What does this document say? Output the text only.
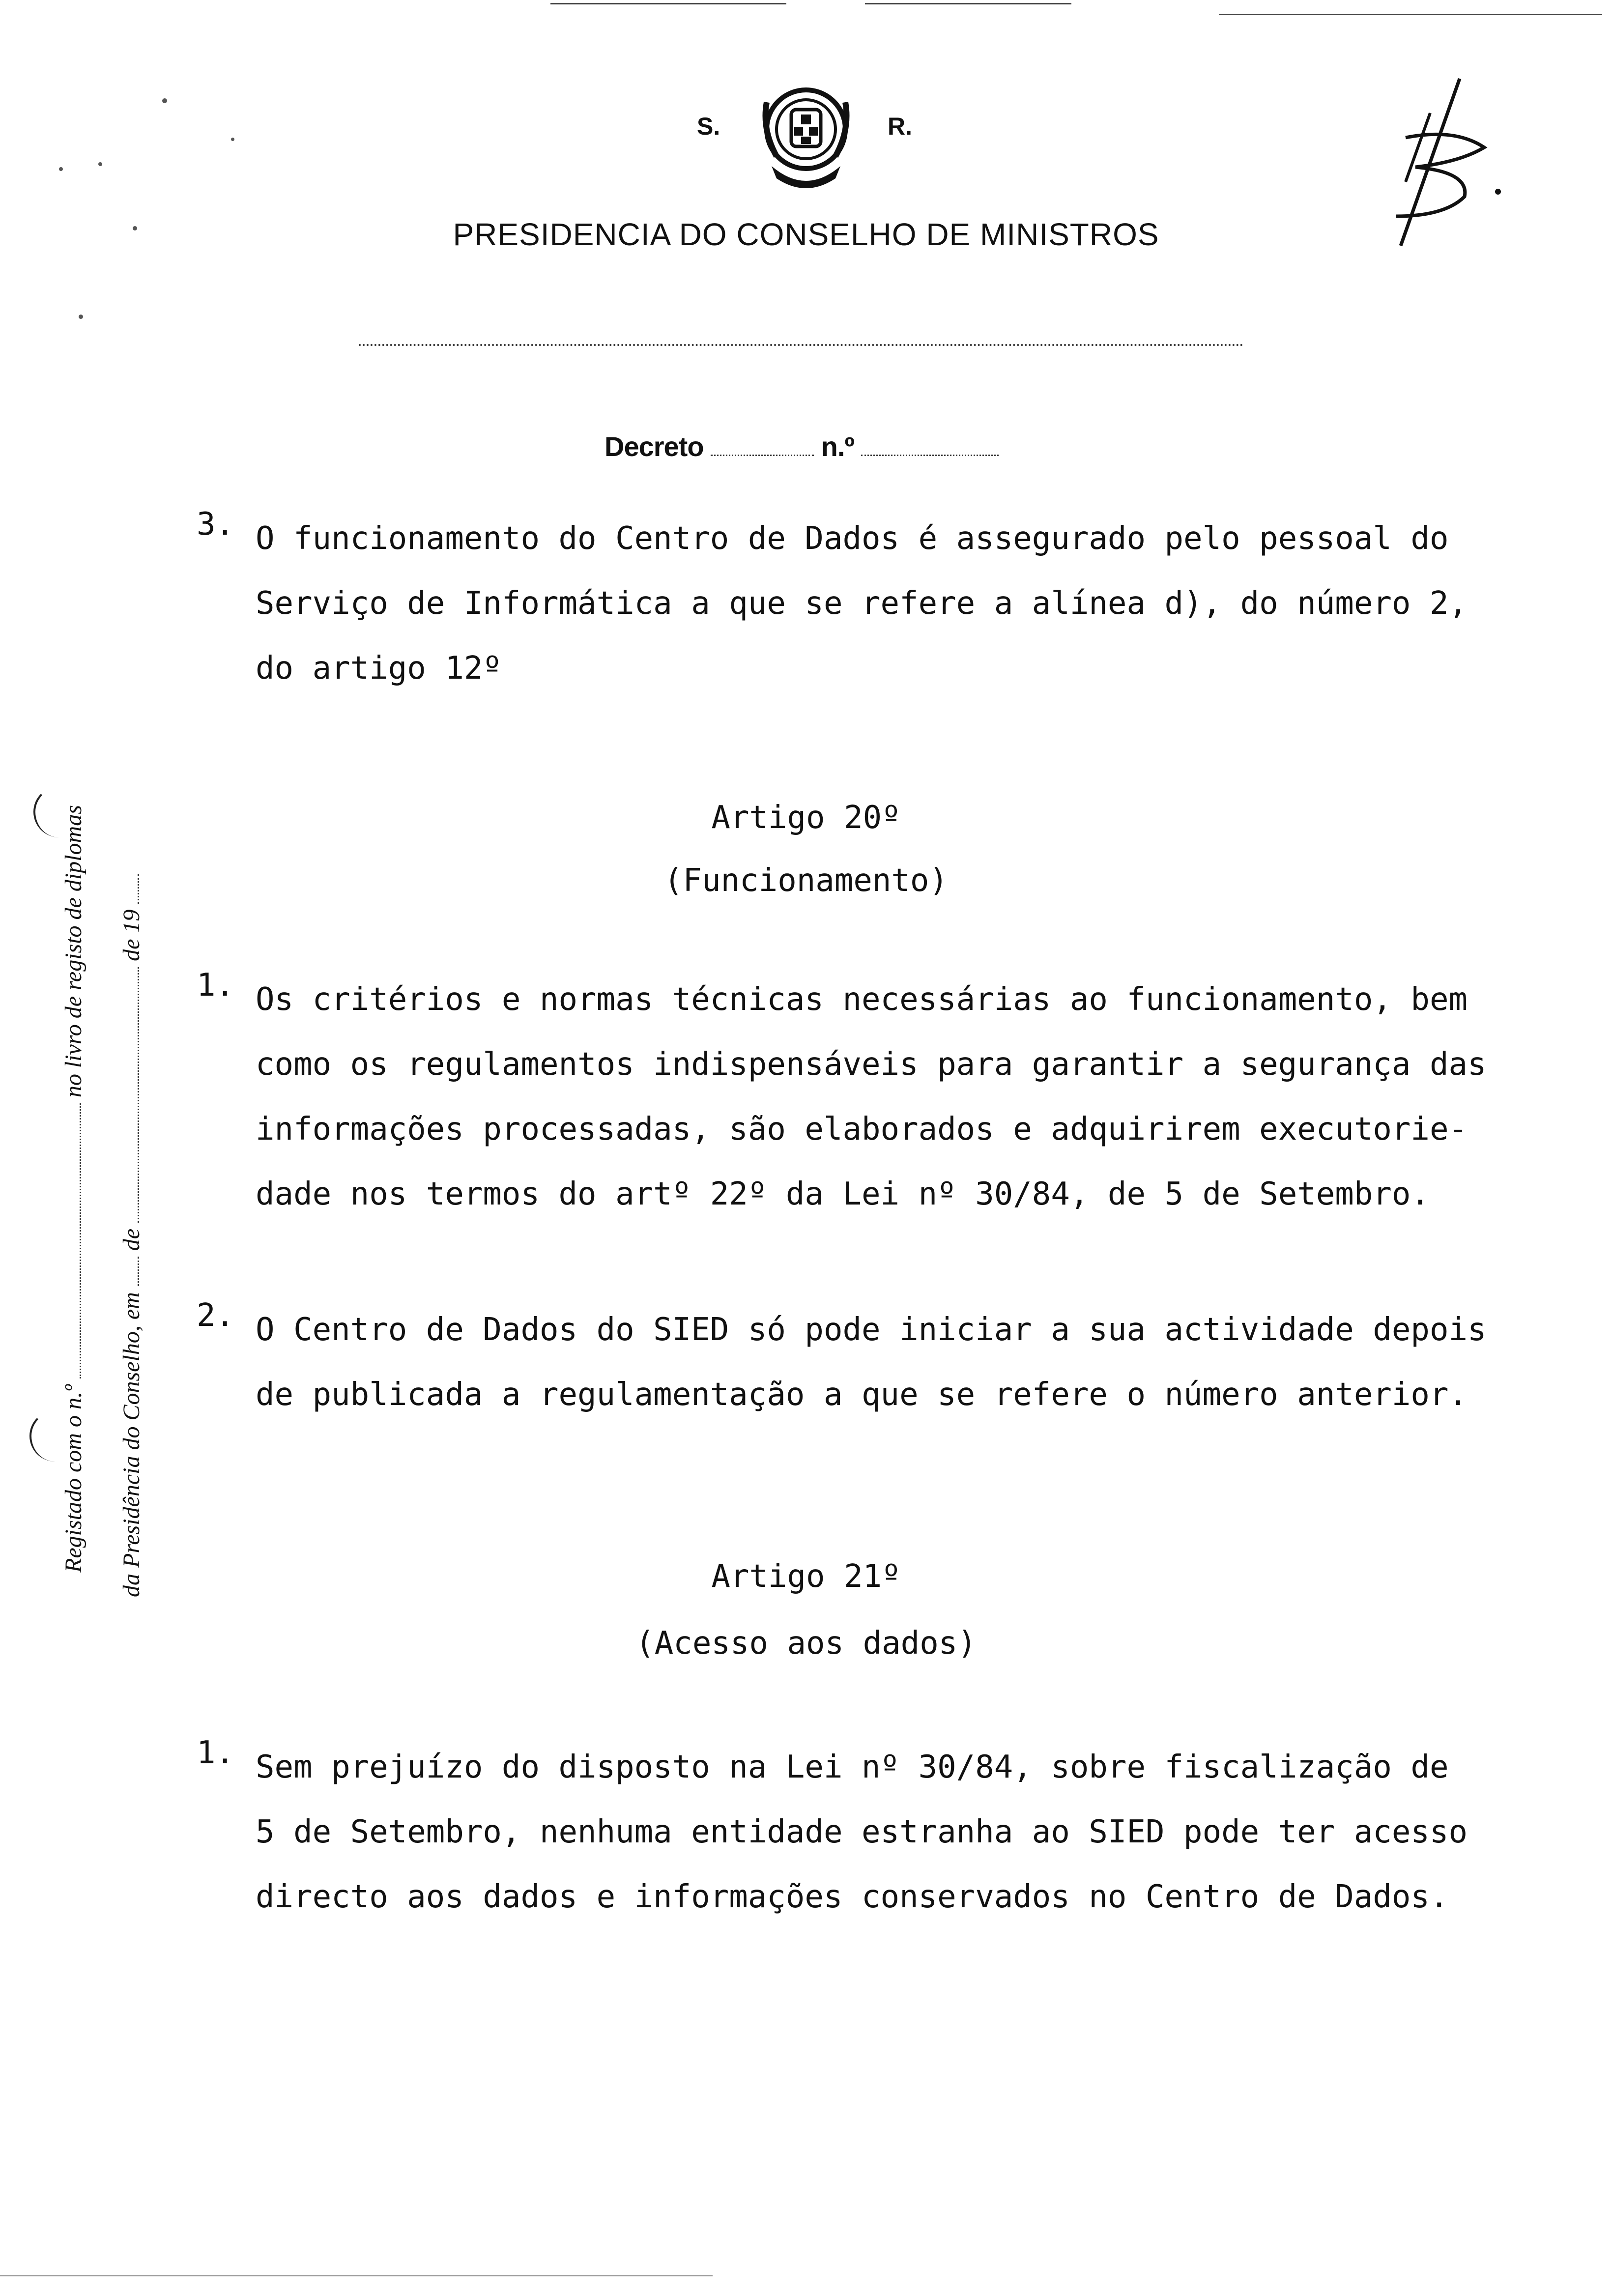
S.	R.
PRESIDENCIA DO CONSELHO DE MINISTROS
Decreto	n.º
Registado com o n.º  no livro de registo de diplomas
da Presidência do Conselho, em  de  de 19
3. O funcionamento do Centro de Dados é assegurado pelo pessoal do
Serviço de Informática a que se refere a alínea d), do número 2,
do artigo 12º
Artigo 20º
(Funcionamento)
1. Os critérios e normas técnicas necessárias ao funcionamento, bem
como os regulamentos indispensáveis para garantir a segurança das
informações processadas, são elaborados e adquirirem executorie-
dade nos termos do artº 22º da Lei nº 30/84, de 5 de Setembro.
2. O Centro de Dados do SIED só pode iniciar a sua actividade depois
de publicada a regulamentação a que se refere o número anterior.
Artigo 21º
(Acesso aos dados)
1. Sem prejuízo do disposto na Lei nº 30/84, sobre fiscalização de
5 de Setembro, nenhuma entidade estranha ao SIED pode ter acesso
directo aos dados e informações conservados no Centro de Dados.
